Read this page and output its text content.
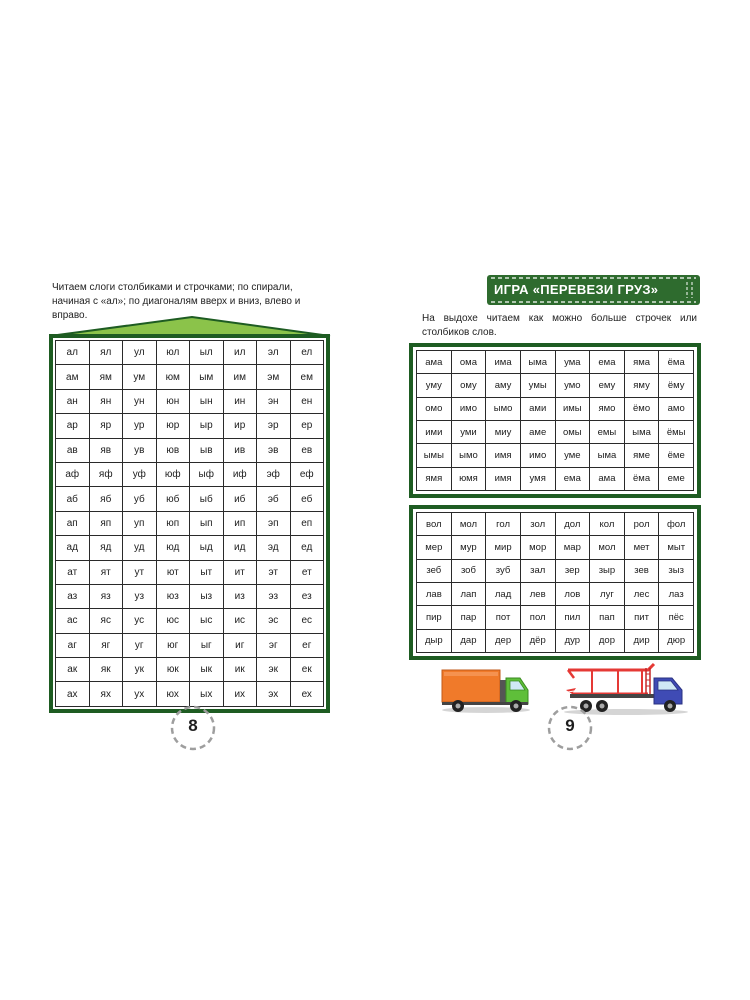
Читаем слоги столбиками и строчками; по спирали, начиная с «ал»; по диагоналям вверх и вниз, влево и вправо.
ал	ял	ул	юл	ыл	ил	эл	ел
ам	ям	ум	юм	ым	им	эм	ем
ан	ян	ун	юн	ын	ин	эн	ен
ар	яр	ур	юр	ыр	ир	эр	ер
ав	яв	ув	юв	ыв	ив	эв	ев
аф	яф	уф	юф	ыф	иф	эф	еф
аб	яб	уб	юб	ыб	иб	эб	еб
ап	яп	уп	юп	ып	ип	эп	еп
ад	яд	уд	юд	ыд	ид	эд	ед
ат	ят	ут	ют	ыт	ит	эт	ет
аз	яз	уз	юз	ыз	из	эз	ез
ас	яс	ус	юс	ыс	ис	эс	ес
аг	яг	уг	юг	ыг	иг	эг	ег
ак	як	ук	юк	ык	ик	эк	ек
ах	ях	ух	юх	ых	их	эх	ех
8
ИГРА «ПЕРЕВЕЗИ ГРУЗ»
На выдохе читаем как можно больше строчек или столбиков слов.
ама	ома	има	ыма	ума	ема	яма	ёма
уму	ому	аму	умы	умо	ему	яму	ёму
омо	имо	ымо	ами	имы	ямо	ёмо	амо
ими	уми	миу	аме	омы	емы	ыма	ёмы
ымы	ымо	имя	имо	уме	ыма	яме	ёме
ямя	юмя	имя	умя	ема	ама	ёма	еме
вол	мол	гол	зол	дол	кол	рол	фол
мер	мур	мир	мор	мар	мол	мет	мыт
зеб	зоб	зуб	зал	зер	зыр	зев	зыз
лав	лап	лад	лев	лов	луг	лес	лаз
пир	пар	пот	пол	пил	пап	пит	пёс
дыр	дар	дер	дёр	дур	дор	дир	дюр
9
